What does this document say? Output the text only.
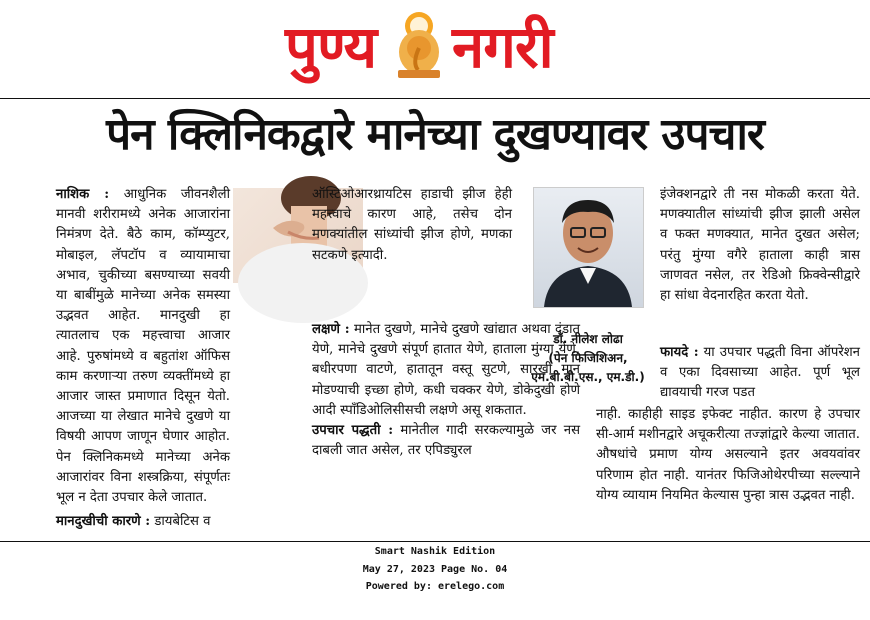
पुण्य नगरी
पेन क्लिनिकद्वारे मानेच्या दुखण्यावर उपचार
नाशिक : आधुनिक जीवनशैली मानवी शरीरामध्ये अनेक आजारांना निमंत्रण देते. बैठे काम, कॉम्प्युटर, मोबाइल, लॅपटॉप व व्यायामाचा अभाव, चुकीच्या बसण्याच्या सवयी या बाबींमुळे मानेच्या अनेक समस्या उद्भवत आहेत. मानदुखी हा त्यातलाच एक महत्त्वाचा आजार आहे. पुरुषांमध्ये व बहुतांश ऑफिस काम करणाऱ्या तरुण व्यक्तींमध्ये हा आजार जास्त प्रमाणात दिसून येतो. आजच्या या लेखात मानेचे दुखणे या विषयी आपण जाणून घेणार आहोत. पेन क्लिनिकमध्ये मानेच्या अनेक आजारांवर विना शस्त्रक्रिया, संपूर्णतः भूल न देता उपचार केले जातात.
ऑस्टिओआरथ्रायटिस हाडाची झीज हेही महत्त्वाचे कारण आहे, तसेच दोन मणक्यांतील सांध्यांची झीज होणे, मणका सटकणे इत्यादी.
लक्षणे : मानेत दुखणे, मानेचे दुखणे खांद्यात अथवा दंडात येणे, मानेचे दुखणे संपूर्ण हातात येणे, हाताला मुंग्या येणे, बधीरपणा वाटणे, हातातून वस्तू सुटणे, सारखी मान मोडण्याची इच्छा होणे, कधी चक्कर येणे, डोकेदुखी होणे आदी स्पाँडिओलिसीसची लक्षणे असू शकतात.
उपचार पद्धती : मानेतील गादी सरकल्यामुळे जर नस दाबली जात असेल, तर एपिड्युरल
डॉ. नीलेश लोढा
(पेन फिजिशिअन,
एम.बी.बी.एस., एम.डी.)
इंजेक्शनद्वारे ती नस मोकळी करता येते. मणक्यातील सांध्यांची झीज झाली असेल व फक्त मणक्यात, मानेत दुखत असेल; परंतु मुंग्या वगैरे हाताला काही त्रास जाणवत नसेल, तर रेडिओ फ्रिक्वेन्सीद्वारे हा सांधा वेदनारहित करता येतो.
फायदे : या उपचार पद्धती विना ऑपरेशन व एका दिवसाच्या आहेत. पूर्ण भूल द्यावयाची गरज पडत
नाही. काहीही साइड इफेक्ट नाहीत. कारण हे उपचार सी-आर्म मशीनद्वारे अचूकरीत्या तज्ज्ञांद्वारे केल्या जातात. औषधांचे प्रमाण योग्य असल्याने इतर अवयवांवर परिणाम होत नाही. यानंतर फिजिओथेरपीच्या सल्ल्याने योग्य व्यायाम नियमित केल्यास पुन्हा त्रास उद्भवत नाही.
मानदुखीची कारणे : डायबेटिस व
Smart Nashik Edition
May 27, 2023 Page No. 04
Powered by: erelego.com
